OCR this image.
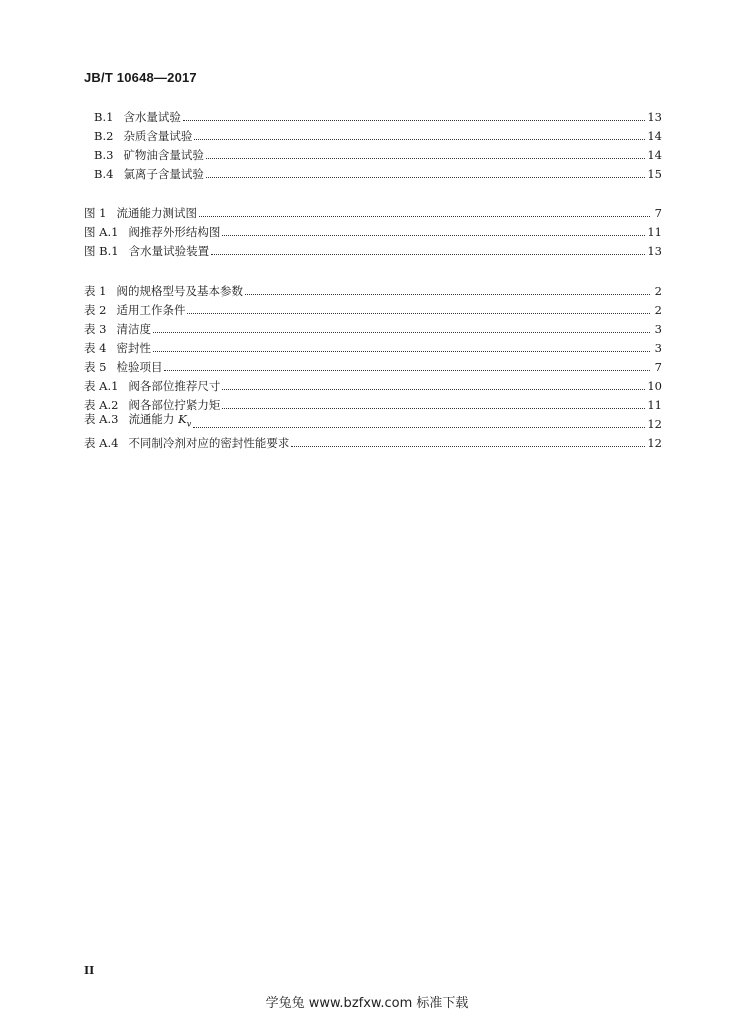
JB/T 10648—2017
B.1 含水量试验	13
B.2 杂质含量试验	14
B.3 矿物油含量试验	14
B.4 氯离子含量试验	15
图 1 流通能力测试图	7
图 A.1 阀推荐外形结构图	11
图 B.1 含水量试验装置	13
表 1 阀的规格型号及基本参数	2
表 2 适用工作条件	2
表 3 清洁度	3
表 4 密封性	3
表 5 检验项目	7
表 A.1 阀各部位推荐尺寸	10
表 A.2 阀各部位拧紧力矩	11
表 A.3 流通能力 $K_v$	12
表 A.4 不同制冷剂对应的密封性能要求	12
II
学兔兔 www.bzfxw.com 标准下载
